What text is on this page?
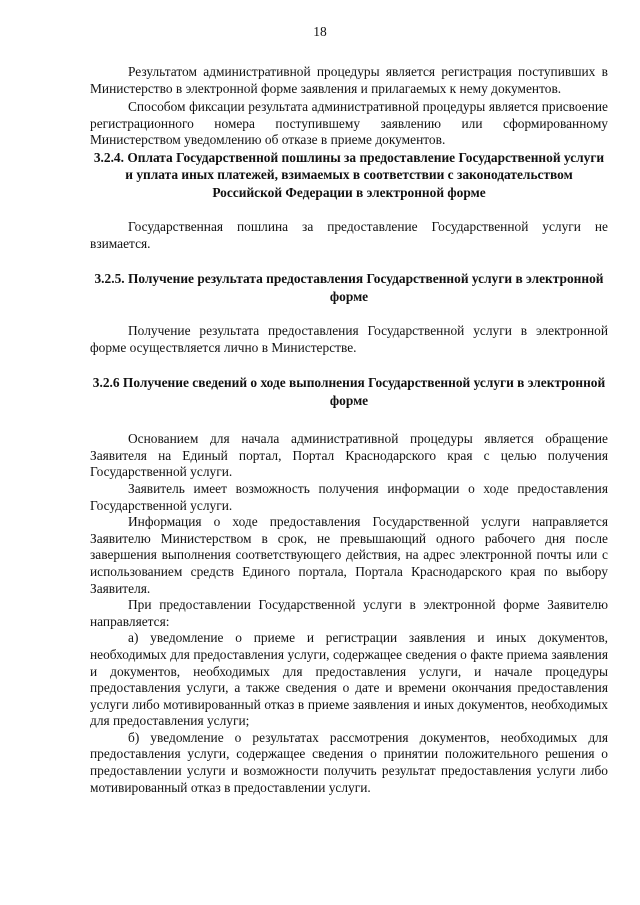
18

Результатом административной процедуры является регистрация поступивших в Министерство в электронной форме заявления и прилагаемых к нему документов.

Способом фиксации результата административной процедуры является присвоение регистрационного номера поступившему заявлению или сформированному Министерством уведомлению об отказе в приеме документов.

3.2.4. Оплата Государственной пошлины за предоставление Государственной услуги и уплата иных платежей, взимаемых в соответствии с законодательством Российской Федерации в электронной форме

Государственная пошлина за предоставление Государственной услуги не взимается.

3.2.5. Получение результата предоставления Государственной услуги в электронной форме

Получение результата предоставления Государственной услуги в электронной форме осуществляется лично в Министерстве.

3.2.6 Получение сведений о ходе выполнения Государственной услуги в электронной форме

Основанием для начала административной процедуры является обращение Заявителя на Единый портал, Портал Краснодарского края с целью получения Государственной услуги.

Заявитель имеет возможность получения информации о ходе предоставления Государственной услуги.

Информация о ходе предоставления Государственной услуги направляется Заявителю Министерством в срок, не превышающий одного рабочего дня после завершения выполнения соответствующего действия, на адрес электронной почты или с использованием средств Единого портала, Портала Краснодарского края по выбору Заявителя.

При предоставлении Государственной услуги в электронной форме Заявителю направляется:

а) уведомление о приеме и регистрации заявления и иных документов, необходимых для предоставления услуги, содержащее сведения о факте приема заявления и документов, необходимых для предоставления услуги, и начале процедуры предоставления услуги, а также сведения о дате и времени окончания предоставления услуги либо мотивированный отказ в приеме заявления и иных документов, необходимых для предоставления услуги;

б) уведомление о результатах рассмотрения документов, необходимых для предоставления услуги, содержащее сведения о принятии положительного решения о предоставлении услуги и возможности получить результат предоставления услуги либо мотивированный отказ в предоставлении услуги.
